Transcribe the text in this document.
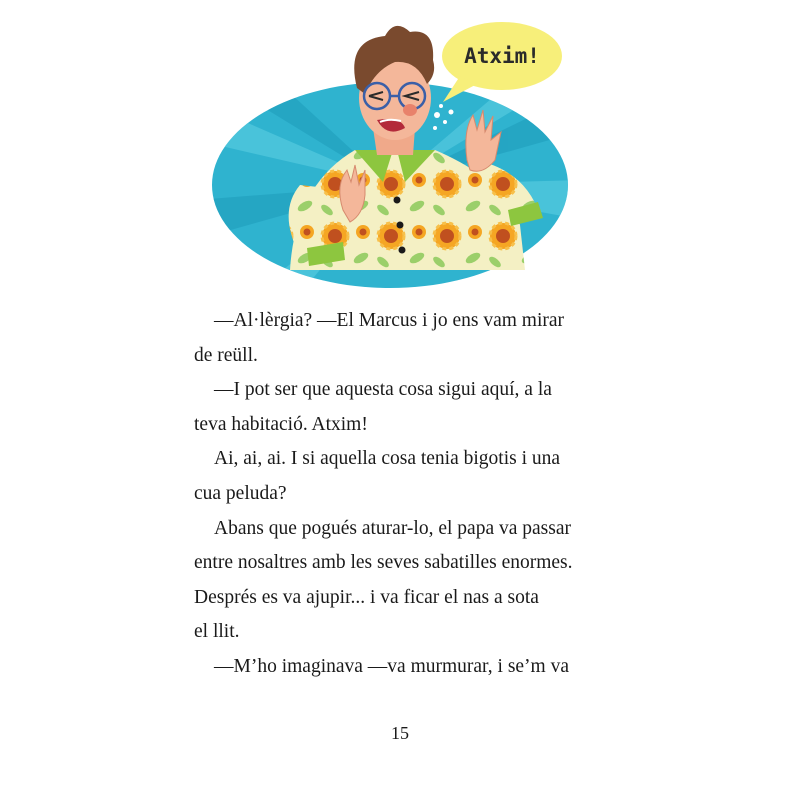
Atxim!

—Al·lèrgia? —El Marcus i jo ens vam mirar
de reüll.

—I pot ser que aquesta cosa sigui aquí, a la
teva habitació. Atxim!

Ai, ai, ai. I si aquella cosa tenia bigotis i una
cua peluda?

Abans que pogués aturar-lo, el papa va passar
entre nosaltres amb les seves sabatilles enormes.
Després es va ajupir... i va ficar el nas a sota
el llit.

—M’ho imaginava —va murmurar, i se’m va

15
